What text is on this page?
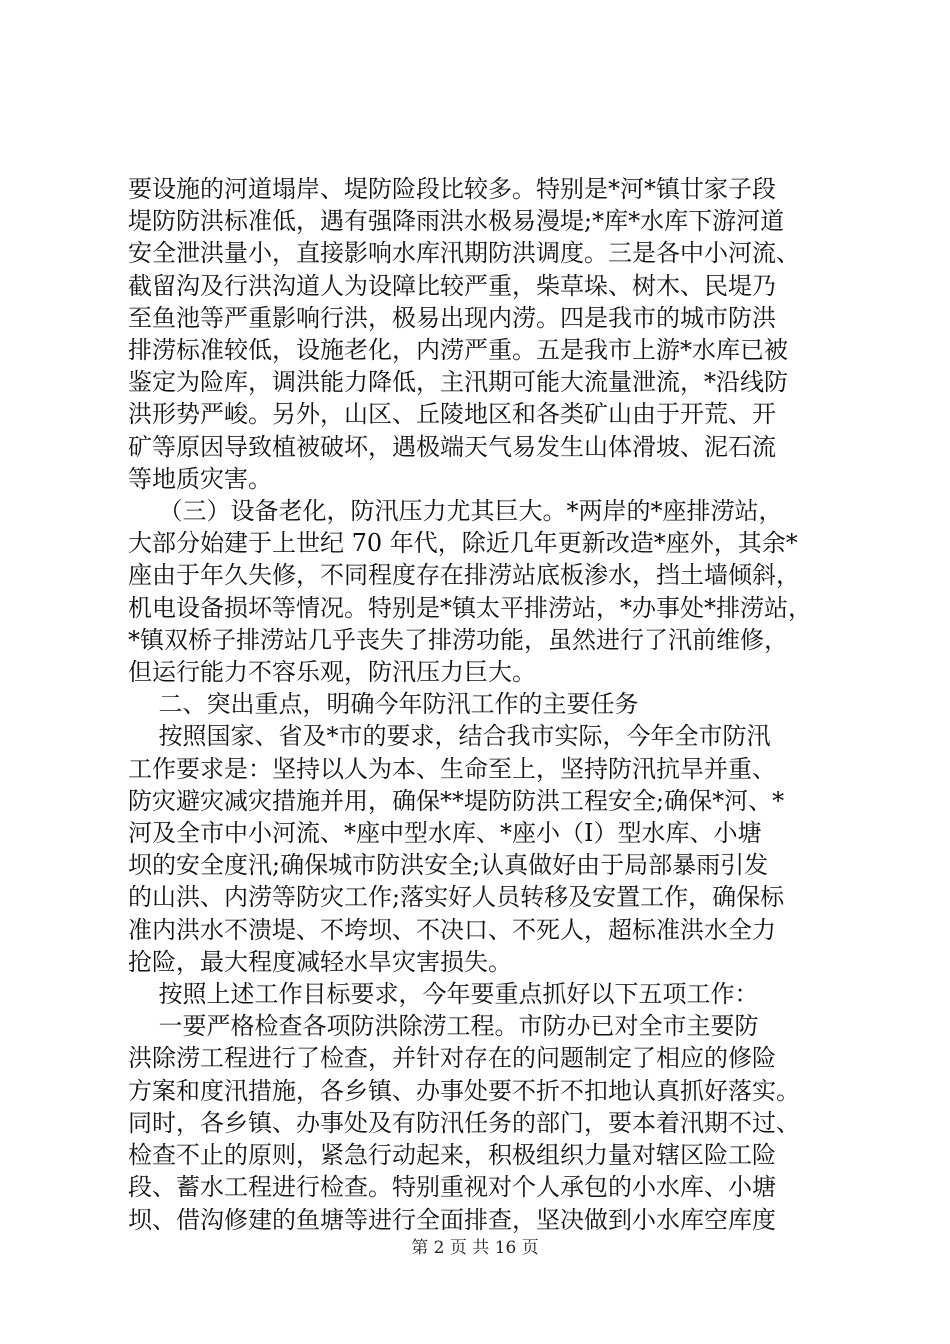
要设施的河道塌岸、堤防险段比较多。特别是*河*镇廿家子段

堤防防洪标准低，遇有强降雨洪水极易漫堤;*库*水库下游河道

安全泄洪量小，直接影响水库汛期防洪调度。三是各中小河流、

截留沟及行洪沟道人为设障比较严重，柴草垛、树木、民堤乃

至鱼池等严重影响行洪，极易出现内涝。四是我市的城市防洪

排涝标准较低，设施老化，内涝严重。五是我市上游*水库已被

鉴定为险库，调洪能力降低，主汛期可能大流量泄流，*沿线防

洪形势严峻。另外，山区、丘陵地区和各类矿山由于开荒、开

矿等原因导致植被破坏，遇极端天气易发生山体滑坡、泥石流

等地质灾害。

（三）设备老化，防汛压力尤其巨大。*两岸的*座排涝站，

大部分始建于上世纪 70 年代，除近几年更新改造*座外，其余*

座由于年久失修，不同程度存在排涝站底板渗水，挡土墙倾斜，

机电设备损坏等情况。特别是*镇太平排涝站，*办事处*排涝站，

*镇双桥子排涝站几乎丧失了排涝功能，虽然进行了汛前维修，

但运行能力不容乐观，防汛压力巨大。

二、突出重点，明确今年防汛工作的主要任务

按照国家、省及*市的要求，结合我市实际，今年全市防汛

工作要求是：坚持以人为本、生命至上，坚持防汛抗旱并重、

防灾避灾减灾措施并用，确保**堤防防洪工程安全;确保*河、*

河及全市中小河流、*座中型水库、*座小（Ⅰ）型水库、小塘

坝的安全度汛;确保城市防洪安全;认真做好由于局部暴雨引发

的山洪、内涝等防灾工作;落实好人员转移及安置工作，确保标

准内洪水不溃堤、不垮坝、不决口、不死人，超标准洪水全力

抢险，最大程度减轻水旱灾害损失。

按照上述工作目标要求，今年要重点抓好以下五项工作：

一要严格检查各项防洪除涝工程。市防办已对全市主要防

洪除涝工程进行了检查，并针对存在的问题制定了相应的修险

方案和度汛措施，各乡镇、办事处要不折不扣地认真抓好落实。

同时，各乡镇、办事处及有防汛任务的部门，要本着汛期不过、

检查不止的原则，紧急行动起来，积极组织力量对辖区险工险

段、蓄水工程进行检查。特别重视对个人承包的小水库、小塘

坝、借沟修建的鱼塘等进行全面排查，坚决做到小水库空库度

第 2 页 共 16 页
